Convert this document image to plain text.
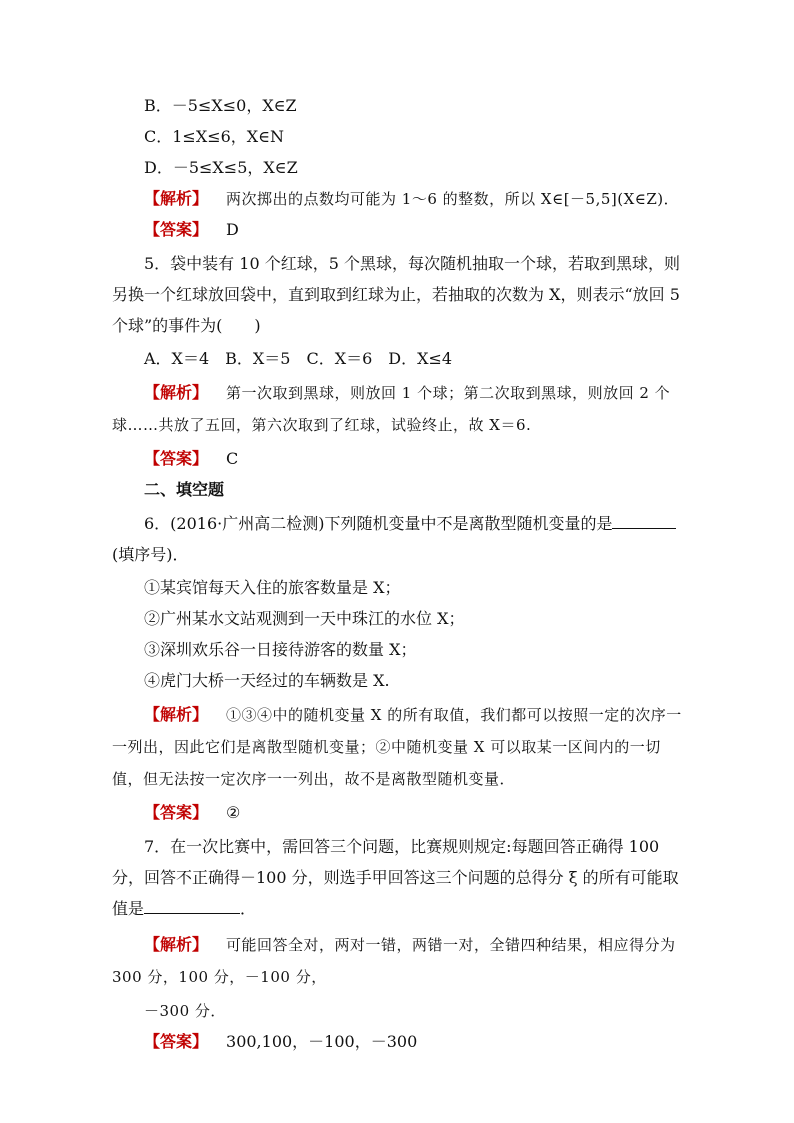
B．－5≤X≤0，X∈Z
C．1≤X≤6，X∈N
D．－5≤X≤5，X∈Z
【解析】 两次掷出的点数均可能为 1～6 的整数，所以 X∈[－5,5](X∈Z)．
【答案】 D
5．袋中装有 10 个红球，5 个黑球，每次随机抽取一个球，若取到黑球，则另换一个红球放回袋中，直到取到红球为止，若抽取的次数为 X，则表示“放回 5 个球”的事件为(　　)
A．X＝4　B．X＝5　C．X＝6　D．X≤4
【解析】 第一次取到黑球，则放回 1 个球；第二次取到黑球，则放回 2 个球……共放了五回，第六次取到了红球，试验终止，故 X＝6.
【答案】 C
二、填空题
6．(2016·广州高二检测)下列随机变量中不是离散型随机变量的是(填序号)．
①某宾馆每天入住的旅客数量是 X；
②广州某水文站观测到一天中珠江的水位 X；
③深圳欢乐谷一日接待游客的数量 X；
④虎门大桥一天经过的车辆数是 X.
【解析】 ①③④中的随机变量 X 的所有取值，我们都可以按照一定的次序一一列出，因此它们是离散型随机变量；②中随机变量 X 可以取某一区间内的一切值，但无法按一定次序一一列出，故不是离散型随机变量．
【答案】 ②
7．在一次比赛中，需回答三个问题，比赛规则规定:每题回答正确得 100 分，回答不正确得－100 分，则选手甲回答这三个问题的总得分 ξ 的所有可能取值是	．
【解析】 可能回答全对，两对一错，两错一对，全错四种结果，相应得分为 300 分，100 分，－100 分，
－300 分．
【答案】 300,100，－100，－300
